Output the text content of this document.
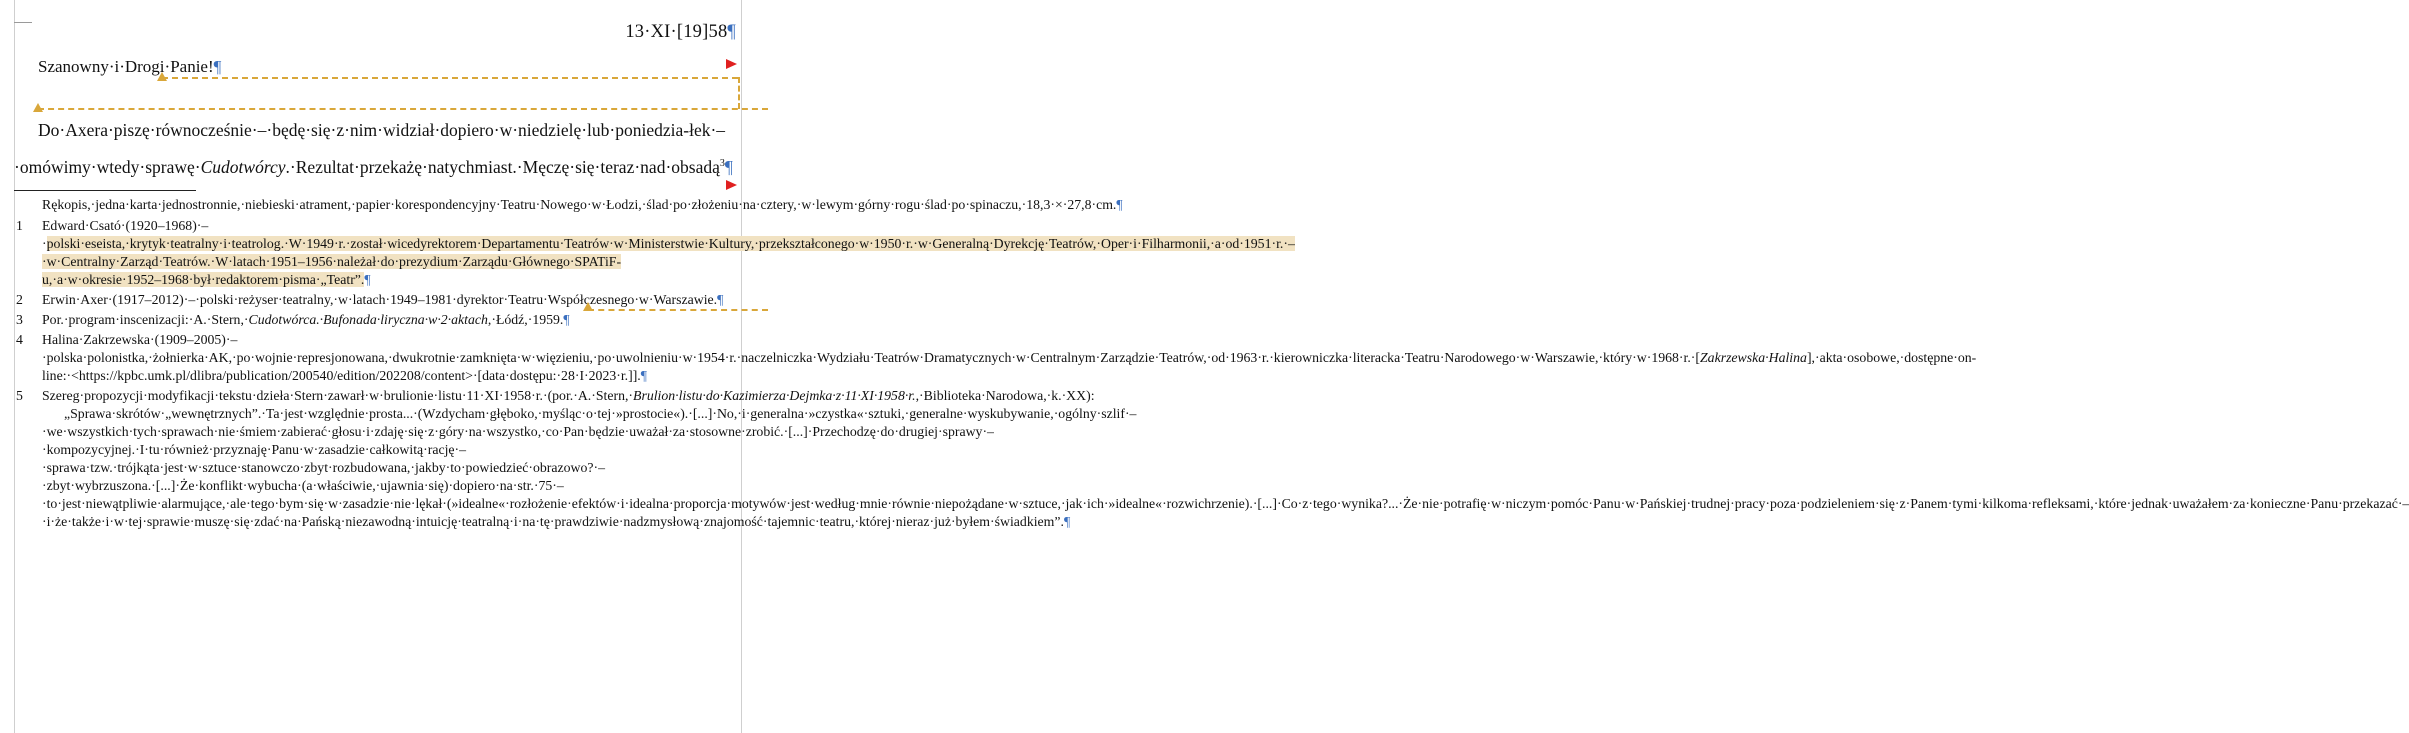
13·XI·[19]58¶
Szanowny·i·Drogi·Panie!¶
Do·Axera·piszę·równocześnie·–·będę·się·z·nim·widział·dopiero·w·niedzielę·lub·poniedzia-łek·–·omówimy·wtedy·sprawę·Cudotwórcy.·Rezultat·przekażę·natychmiast.·Męczę·się·teraz·nad·obsadą$^3$¶
Rękopis,·jedna·karta·jednostronnie,·niebieski·atrament,·papier·korespondencyjny·Teatru·Nowego·w·Łodzi,·ślad·po·złożeniu·na·cztery,·w·lewym·górny·rogu·ślad·po·spinaczu,·18,3·×·27,8·cm.¶
1	Edward·Csató·(1920–1968)·–·polski·eseista,·krytyk·teatralny·i·teatrolog.·W·1949·r.·został·wicedyrektorem·Departamentu·Teatrów·w·Ministerstwie·Kultury,·przekształconego·w·1950·r.·w·Generalną·Dyrekcję·Teatrów,·Oper·i·Filharmonii,·a·od·1951·r.·–·w·Centralny·Zarząd·Teatrów.·W·latach·1951–1956·należał·do·prezydium·Zarządu·Głównego·SPATiF-u,·a·w·okresie·1952–1968·był·redaktorem·pisma·„Teatr”.¶
2	Erwin·Axer·(1917–2012)·–·polski·reżyser·teatralny,·w·latach·1949–1981·dyrektor·Teatru·Współczesnego·w·Warszawie.¶
3	Por.·program·inscenizacji:·A.·Stern,·Cudotwórca.·Bufonada·liryczna·w·2·aktach,·Łódź,·1959.¶
4	Halina·Zakrzewska·(1909–2005)·–·polska·polonistka,·żołnierka·AK,·po·wojnie·represjonowana,·dwukrotnie·zamknięta·w·więzieniu,·po·uwolnieniu·w·1954·r.·naczelniczka·Wydziału·Teatrów·Dramatycznych·w·Centralnym·Zarządzie·Teatrów,·od·1963·r.·kierowniczka·literacka·Teatru·Narodowego·w·Warszawie,·który·w·1968·r.·[Zakrzewska·Halina],·akta·osobowe,·dostępne·on-line:·<https://kpbc.umk.pl/dlibra/publication/200540/edition/202208/content>·[data·dostępu:·28·I·2023·r.]].¶
5	Szereg·propozycji·modyfikacji·tekstu·dzieła·Stern·zawarł·w·brulionie·listu·11·XI·1958·r.·(por.·A.·Stern,·Brulion·listu·do·Kazimierza·Dejmka·z·11·XI·1958·r.,·Biblioteka·Narodowa,·k.·XX):
„Sprawa·skrótów·„wewnętrznych”.·Ta·jest·względnie·prosta...·(Wzdycham·głęboko,·myśląc·o·tej·»prostocie«).·[...]·No,·i·generalna·»czystka«·sztuki,·generalne·wyskubywanie,·ogólny·szlif·–·we·wszystkich·tych·sprawach·nie·śmiem·zabierać·głosu·i·zdaję·się·z·góry·na·wszystko,·co·Pan·będzie·uważał·za·stosowne·zrobić.·[...]·Przechodzę·do·drugiej·sprawy·–·kompozycyjnej.·I·tu·również·przyznaję·Panu·w·zasadzie·całkowitą·rację·–·sprawa·tzw.·trójkąta·jest·w·sztuce·stanowczo·zbyt·rozbudowana,·jakby·to·powiedzieć·obrazowo?·–·zbyt·wybrzuszona.·[...]·Że·konflikt·wybucha·(a·właściwie,·ujawnia·się)·dopiero·na·str.·75·–·to·jest·niewątpliwie·alarmujące,·ale·tego·bym·się·w·zasadzie·nie·lękał·(»idealne«·rozłożenie·efektów·i·idealna·proporcja·motywów·jest·według·mnie·równie·niepożądane·w·sztuce,·jak·ich·»idealne«·rozwichrzenie).·[...]·Co·z·tego·wynika?...·Że·nie·potrafię·w·niczym·pomóc·Panu·w·Pańskiej·trudnej·pracy·poza·podzieleniem·się·z·Panem·tymi·kilkoma·refleksami,·które·jednak·uważałem·za·konieczne·Panu·przekazać·–·i·że·także·i·w·tej·sprawie·muszę·się·zdać·na·Pańską·niezawodną·intuicję·teatralną·i·na·tę·prawdziwie·nadzmysłową·znajomość·tajemnic·teatru,·której·nieraz·już·byłem·świadkiem”.¶
